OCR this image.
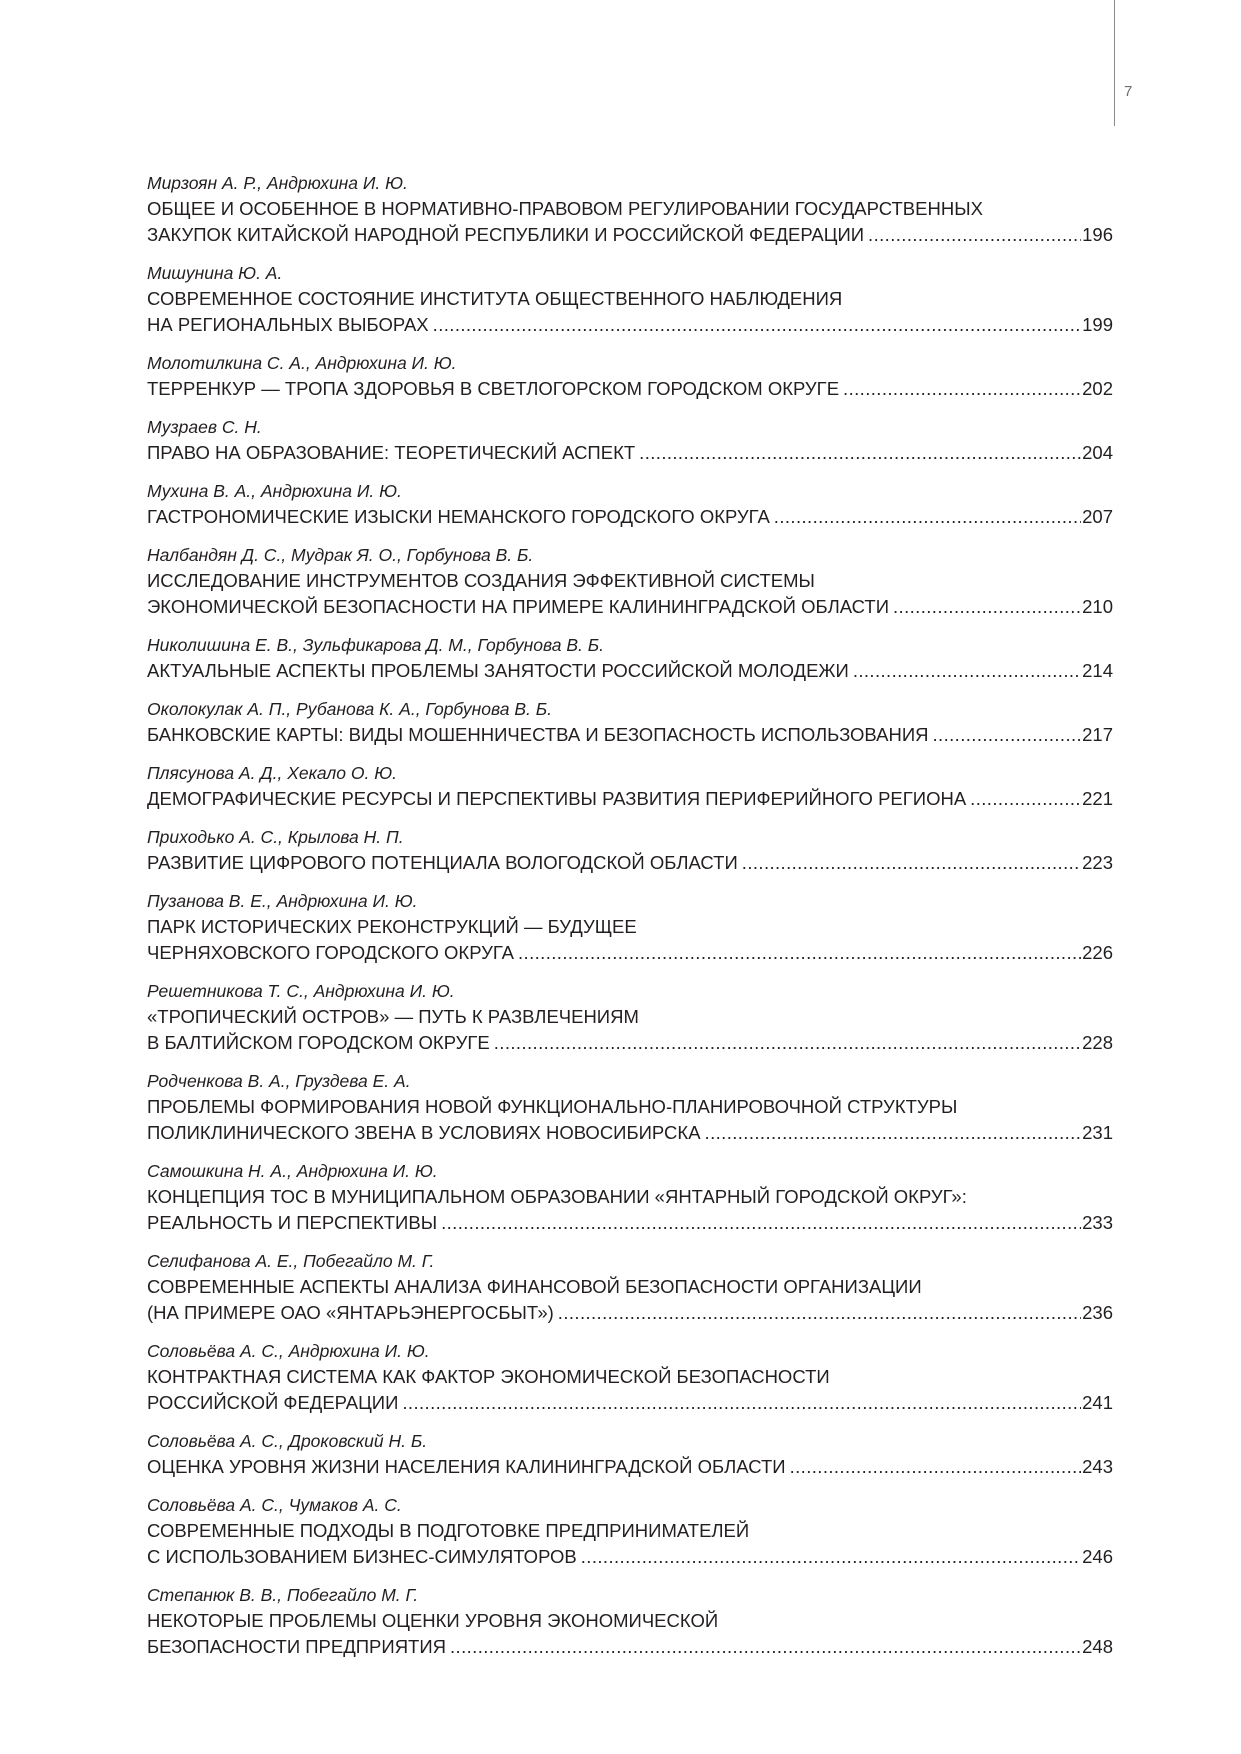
7
Мирзоян А. Р., Андрюхина И. Ю.
ОБЩЕЕ И ОСОБЕННОЕ В НОРМАТИВНО-ПРАВОВОМ РЕГУЛИРОВАНИИ ГОСУДАРСТВЕННЫХ
ЗАКУПОК КИТАЙСКОЙ НАРОДНОЙ РЕСПУБЛИКИ И РОССИЙСКОЙ ФЕДЕРАЦИИ .....	196
Мишунина Ю. А.
СОВРЕМЕННОЕ СОСТОЯНИЕ ИНСТИТУТА ОБЩЕСТВЕННОГО НАБЛЮДЕНИЯ
НА РЕГИОНАЛЬНЫХ ВЫБОРАХ .....	199
Молотилкина С. А., Андрюхина И. Ю.
ТЕРРЕНКУР — ТРОПА ЗДОРОВЬЯ В СВЕТЛОГОРСКОМ ГОРОДСКОМ ОКРУГЕ .....	202
Музраев С. Н.
ПРАВО НА ОБРАЗОВАНИЕ: ТЕОРЕТИЧЕСКИЙ АСПЕКТ .....	204
Мухина В. А., Андрюхина И. Ю.
ГАСТРОНОМИЧЕСКИЕ ИЗЫСКИ НЕМАНСКОГО ГОРОДСКОГО ОКРУГА .....	207
Налбандян Д. С., Мудрак Я. О., Горбунова В. Б.
ИССЛЕДОВАНИЕ ИНСТРУМЕНТОВ СОЗДАНИЯ ЭФФЕКТИВНОЙ СИСТЕМЫ
ЭКОНОМИЧЕСКОЙ БЕЗОПАСНОСТИ НА ПРИМЕРЕ КАЛИНИНГРАДСКОЙ ОБЛАСТИ .....	210
Николишина Е. В., Зульфикарова Д. М., Горбунова В. Б.
АКТУАЛЬНЫЕ АСПЕКТЫ ПРОБЛЕМЫ ЗАНЯТОСТИ РОССИЙСКОЙ МОЛОДЕЖИ .....	214
Околокулак А. П., Рубанова К. А., Горбунова В. Б.
БАНКОВСКИЕ КАРТЫ: ВИДЫ МОШЕННИЧЕСТВА И БЕЗОПАСНОСТЬ ИСПОЛЬЗОВАНИЯ .....	217
Плясунова А. Д., Хекало О. Ю.
ДЕМОГРАФИЧЕСКИЕ РЕСУРСЫ И ПЕРСПЕКТИВЫ РАЗВИТИЯ ПЕРИФЕРИЙНОГО РЕГИОНА .....	221
Приходько А. С., Крылова Н. П.
РАЗВИТИЕ ЦИФРОВОГО ПОТЕНЦИАЛА ВОЛОГОДСКОЙ ОБЛАСТИ .....	223
Пузанова В. Е., Андрюхина И. Ю.
ПАРК ИСТОРИЧЕСКИХ РЕКОНСТРУКЦИЙ — БУДУЩЕЕ
ЧЕРНЯХОВСКОГО ГОРОДСКОГО ОКРУГА .....	226
Решетникова Т. С., Андрюхина И. Ю.
«ТРОПИЧЕСКИЙ ОСТРОВ» — ПУТЬ К РАЗВЛЕЧЕНИЯМ
В БАЛТИЙСКОМ ГОРОДСКОМ ОКРУГЕ .....	228
Родченкова В. А., Груздева Е. А.
ПРОБЛЕМЫ ФОРМИРОВАНИЯ НОВОЙ ФУНКЦИОНАЛЬНО-ПЛАНИРОВОЧНОЙ СТРУКТУРЫ
ПОЛИКЛИНИЧЕСКОГО ЗВЕНА В УСЛОВИЯХ НОВОСИБИРСКА .....	231
Самошкина Н. А., Андрюхина И. Ю.
КОНЦЕПЦИЯ ТОС В МУНИЦИПАЛЬНОМ ОБРАЗОВАНИИ «ЯНТАРНЫЙ ГОРОДСКОЙ ОКРУГ»:
РЕАЛЬНОСТЬ И ПЕРСПЕКТИВЫ .....	233
Селифанова А. Е., Побегайло М. Г.
СОВРЕМЕННЫЕ АСПЕКТЫ АНАЛИЗА ФИНАНСОВОЙ БЕЗОПАСНОСТИ ОРГАНИЗАЦИИ
(НА ПРИМЕРЕ ОАО «ЯНТАРЬЭНЕРГОСБЫТ») .....	236
Соловьёва А. С., Андрюхина И. Ю.
КОНТРАКТНАЯ СИСТЕМА КАК ФАКТОР ЭКОНОМИЧЕСКОЙ БЕЗОПАСНОСТИ
РОССИЙСКОЙ ФЕДЕРАЦИИ .....	241
Соловьёва А. С., Дроковский Н. Б.
ОЦЕНКА УРОВНЯ ЖИЗНИ НАСЕЛЕНИЯ КАЛИНИНГРАДСКОЙ ОБЛАСТИ .....	243
Соловьёва А. С., Чумаков А. С.
СОВРЕМЕННЫЕ ПОДХОДЫ В ПОДГОТОВКЕ ПРЕДПРИНИМАТЕЛЕЙ
С ИСПОЛЬЗОВАНИЕМ БИЗНЕС-СИМУЛЯТОРОВ .....	246
Степанюк В. В., Побегайло М. Г.
НЕКОТОРЫЕ ПРОБЛЕМЫ ОЦЕНКИ УРОВНЯ ЭКОНОМИЧЕСКОЙ
БЕЗОПАСНОСТИ ПРЕДПРИЯТИЯ .....	248
